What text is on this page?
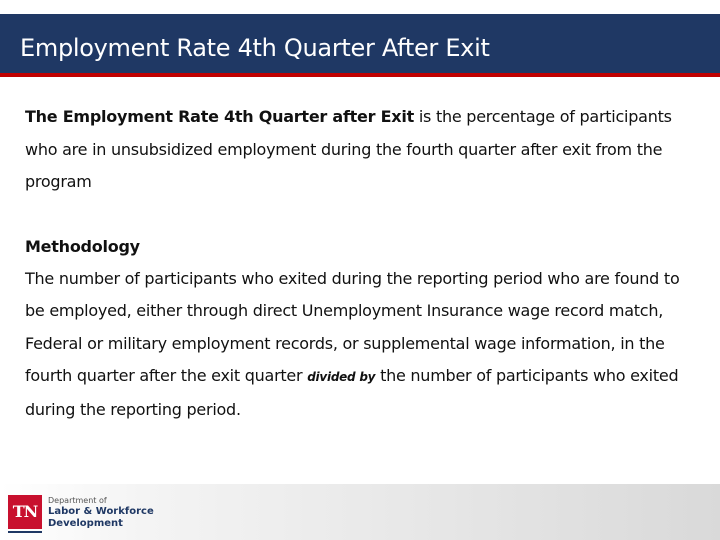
Employment Rate 4th Quarter After Exit

The Employment Rate 4th Quarter after Exit is the percentage of participants who are in unsubsidized employment during the fourth quarter after exit from the program

Methodology

The number of participants who exited during the reporting period who are found to be employed, either through direct Unemployment Insurance wage record match, Federal or military employment records, or supplemental wage information, in the fourth quarter after the exit quarter divided by the number of participants who exited during the reporting period.

TN
Department of
Labor & Workforce
Development
